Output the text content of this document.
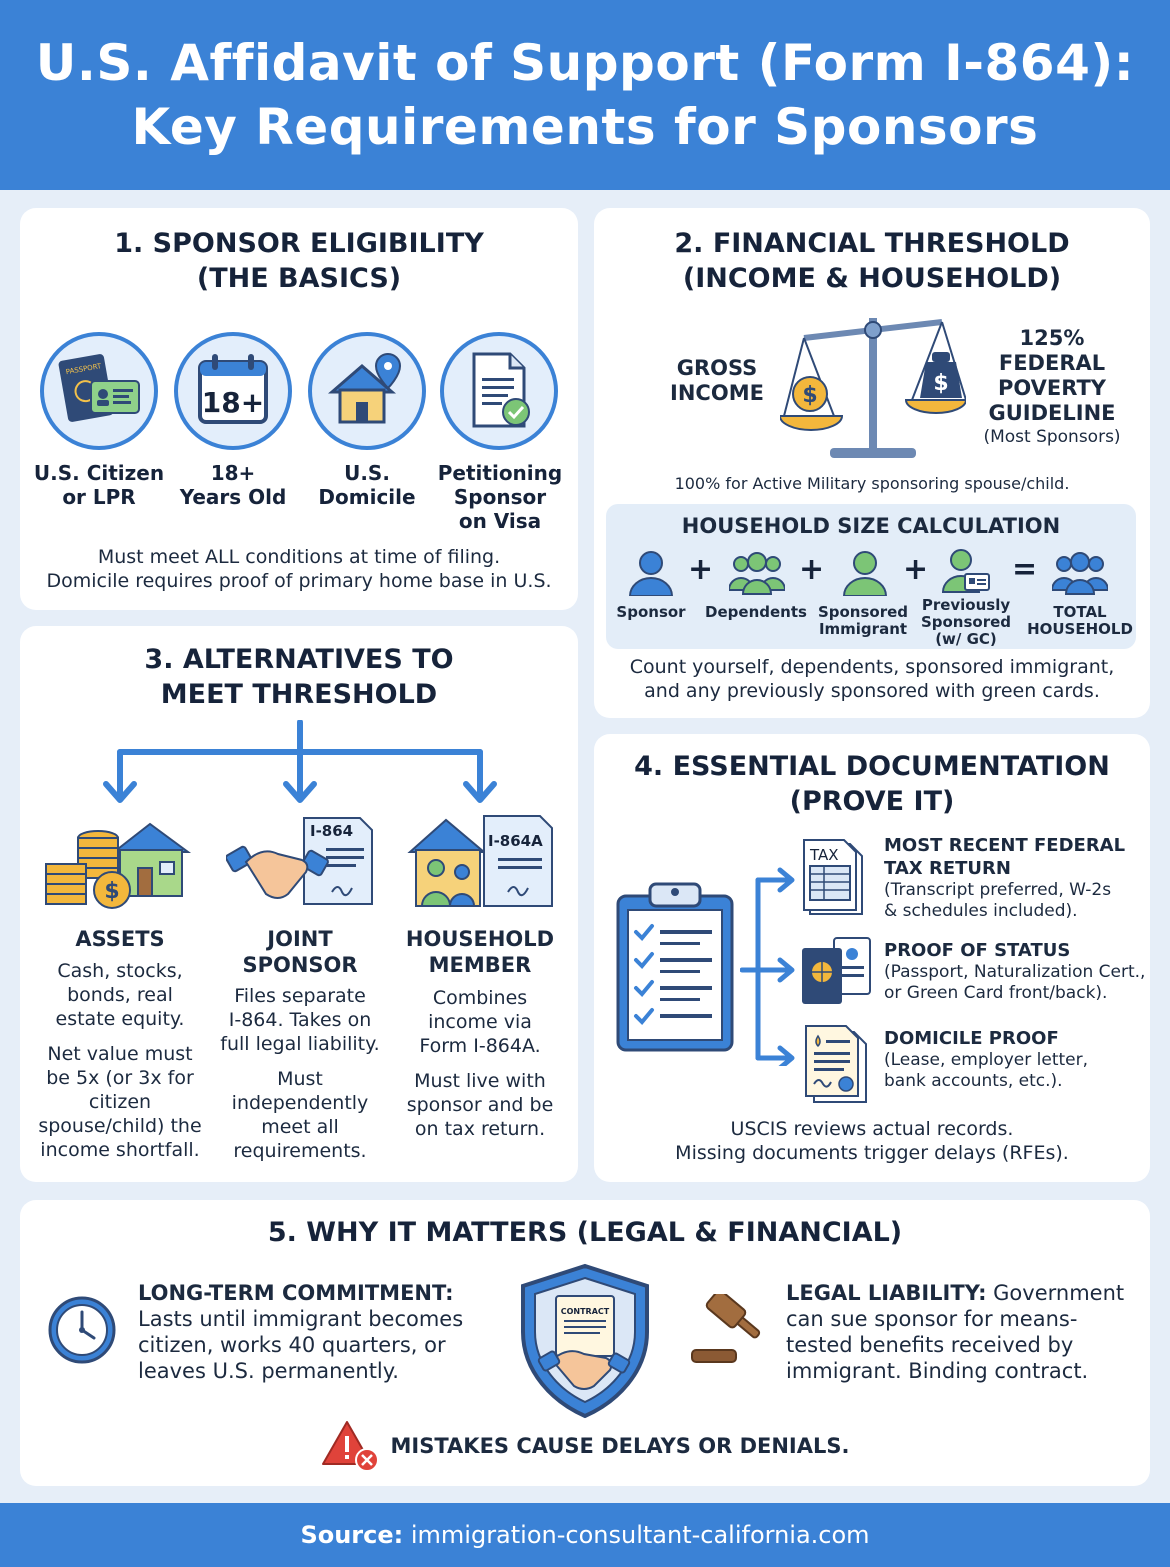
U.S. Affidavit of Support (Form I-864):
Key Requirements for Sponsors
1. SPONSOR ELIGIBILITY
(THE BASICS)
PASSPORT
18+
U.S. Citizen
or LPR
18+
Years Old
U.S.
Domicile
Petitioning
Sponsor
on Visa
Must meet ALL conditions at time of filing.
Domicile requires proof of primary home base in U.S.
2. FINANCIAL THRESHOLD
(INCOME & HOUSEHOLD)
GROSS
INCOME	$	$
125% FEDERAL
POVERTY
GUIDELINE
(Most Sponsors)
100% for Active Military sponsoring spouse/child.
HOUSEHOLD SIZE CALCULATION
+	+	+	=
Sponsor	Dependents Sponsored
Immigrant
Previously
Sponsored
(w/ GC)
TOTAL
HOUSEHOLD
Count yourself, dependents, sponsored immigrant,
and any previously sponsored with green cards.
3. ALTERNATIVES TO
MEET THRESHOLD
$
I-864
I-864A
ASSETS
Cash, stocks,
bonds, real
estate equity.
Net value must
be 5x (or 3x for
citizen
spouse/child) the
income shortfall.
JOINT
SPONSOR
Files separate
I-864. Takes on
full legal liability.
Must
independently
meet all
requirements.
HOUSEHOLD
MEMBER
Combines
income via
Form I-864A.
Must live with
sponsor and be
on tax return.
4. ESSENTIAL DOCUMENTATION
(PROVE IT)
TAX	MOST RECENT FEDERAL
TAX RETURN
(Transcript preferred, W-2s
& schedules included).
PROOF OF STATUS
(Passport, Naturalization Cert.,
or Green Card front/back).
DOMICILE PROOF
(Lease, employer letter,
bank accounts, etc.).
USCIS reviews actual records.
Missing documents trigger delays (RFEs).
5. WHY IT MATTERS (LEGAL & FINANCIAL)
LONG-TERM COMMITMENT:
Lasts until immigrant becomes
citizen, works 40 quarters, or
leaves U.S. permanently.
CONTRACT
LEGAL LIABILITY: Government
can sue sponsor for means-
tested benefits received by
immigrant. Binding contract.
MISTAKES CAUSE DELAYS OR DENIALS.
Source: immigration-consultant-california.com
